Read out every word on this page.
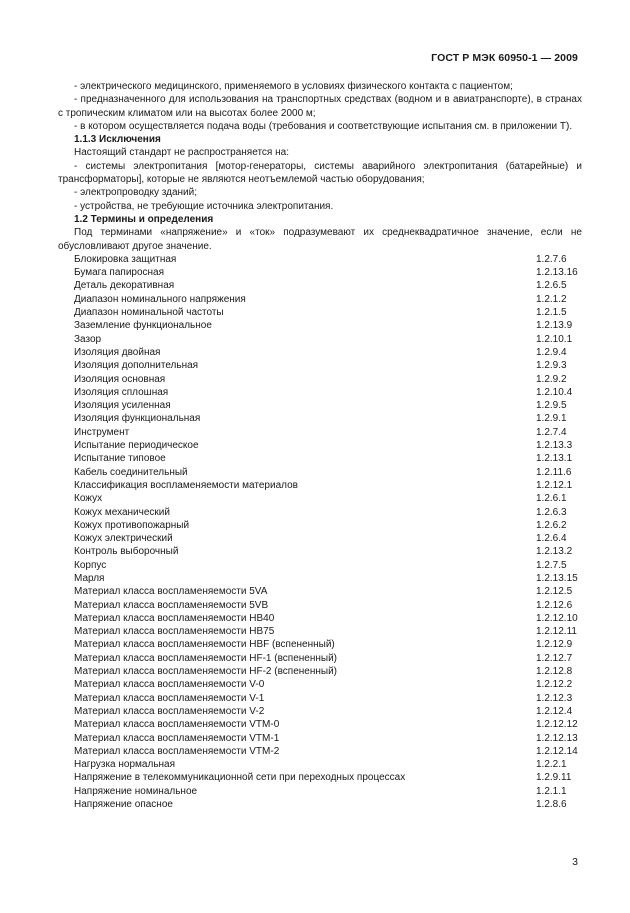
ГОСТ Р МЭК 60950-1 — 2009

- электрического медицинского, применяемого в условиях физического контакта с пациентом;

- предназначенного для использования на транспортных средствах (водном и в авиатранспорте), в странах с тропическим климатом или на высотах более 2000 м;

- в котором осуществляется подача воды (требования и соответствующие испытания см. в приложении Т).

1.1.3 Исключения

Настоящий стандарт не распространяется на:

- системы электропитания [мотор-генераторы, системы аварийного электропитания (батарейные) и трансформаторы], которые не являются неотъемлемой частью оборудования;

- электропроводку зданий;

- устройства, не требующие источника электропитания.

1.2 Термины и определения

Под терминами «напряжение» и «ток» подразумевают их среднеквадратичное значение, если не обусловливают другое значение.

Блокировка защитная	1.2.7.6
Бумага папиросная	1.2.13.16
Деталь декоративная	1.2.6.5
Диапазон номинального напряжения	1.2.1.2
Диапазон номинальной частоты	1.2.1.5
Заземление функциональное	1.2.13.9
Зазор	1.2.10.1
Изоляция двойная	1.2.9.4
Изоляция дополнительная	1.2.9.3
Изоляция основная	1.2.9.2
Изоляция сплошная	1.2.10.4
Изоляция усиленная	1.2.9.5
Изоляция функциональная	1.2.9.1
Инструмент	1.2.7.4
Испытание периодическое	1.2.13.3
Испытание типовое	1.2.13.1
Кабель соединительный	1.2.11.6
Классификация воспламеняемости материалов	1.2.12.1
Кожух	1.2.6.1
Кожух механический	1.2.6.3
Кожух противопожарный	1.2.6.2
Кожух электрический	1.2.6.4
Контроль выборочный	1.2.13.2
Корпус	1.2.7.5
Марля	1.2.13.15
Материал класса воспламеняемости 5VA	1.2.12.5
Материал класса воспламеняемости 5VB	1.2.12.6
Материал класса воспламеняемости HB40	1.2.12.10
Материал класса воспламеняемости HB75	1.2.12.11
Материал класса воспламеняемости HBF (вспененный)	1.2.12.9
Материал класса воспламеняемости HF-1 (вспененный)	1.2.12.7
Материал класса воспламеняемости HF-2 (вспененный)	1.2.12.8
Материал класса воспламеняемости V-0	1.2.12.2
Материал класса воспламеняемости V-1	1.2.12.3
Материал класса воспламеняемости V-2	1.2.12.4
Материал класса воспламеняемости VTM-0	1.2.12.12
Материал класса воспламеняемости VTM-1	1.2.12.13
Материал класса воспламеняемости VTM-2	1.2.12.14
Нагрузка нормальная	1.2.2.1
Напряжение в телекоммуникационной сети при переходных процессах	1.2.9.11
Напряжение номинальное	1.2.1.1
Напряжение опасное	1.2.8.6
3
